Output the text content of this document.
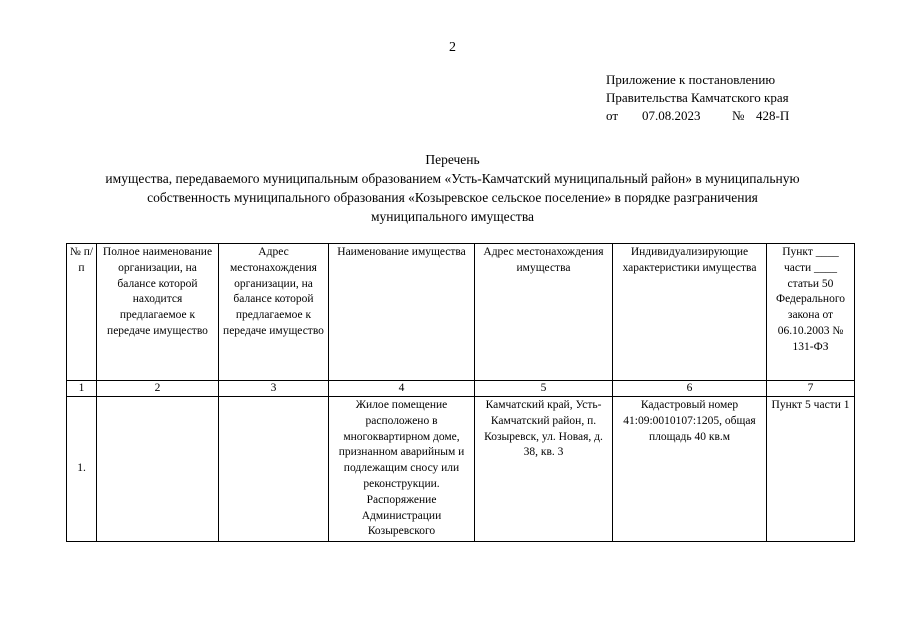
2
Приложение к постановлению
Правительства Камчатского края
от	07.08.2023	№ 428-П
Перечень
имущества, передаваемого муниципальным образованием «Усть-Камчатский муниципальный район» в муниципальную
собственность муниципального образования «Козыревское сельское поселение» в порядке разграничения
муниципального имущества
№ п/п	Полное наименование организации, на балансе которой находится предлагаемое к передаче имущество	Адрес местонахождения организации, на балансе которой предлагаемое к передаче имущество	Наименование имущества	Адрес местонахождения имущества	Индивидуализирующие характеристики имущества	Пункт ____ части ____ статьи 50 Федерального закона от 06.10.2003 № 131-ФЗ
1	2	3	4	5	6	7
1.			Жилое помещение расположено в многоквартирном доме, признанном аварийным и подлежащим сносу или реконструкции. Распоряжение Администрации Козыревского	Камчатский край, Усть-Камчатский район, п. Козыревск, ул. Новая, д. 38, кв. 3	Кадастровый номер 41:09:0010107:1205, общая площадь 40 кв.м	Пункт 5 части 1
